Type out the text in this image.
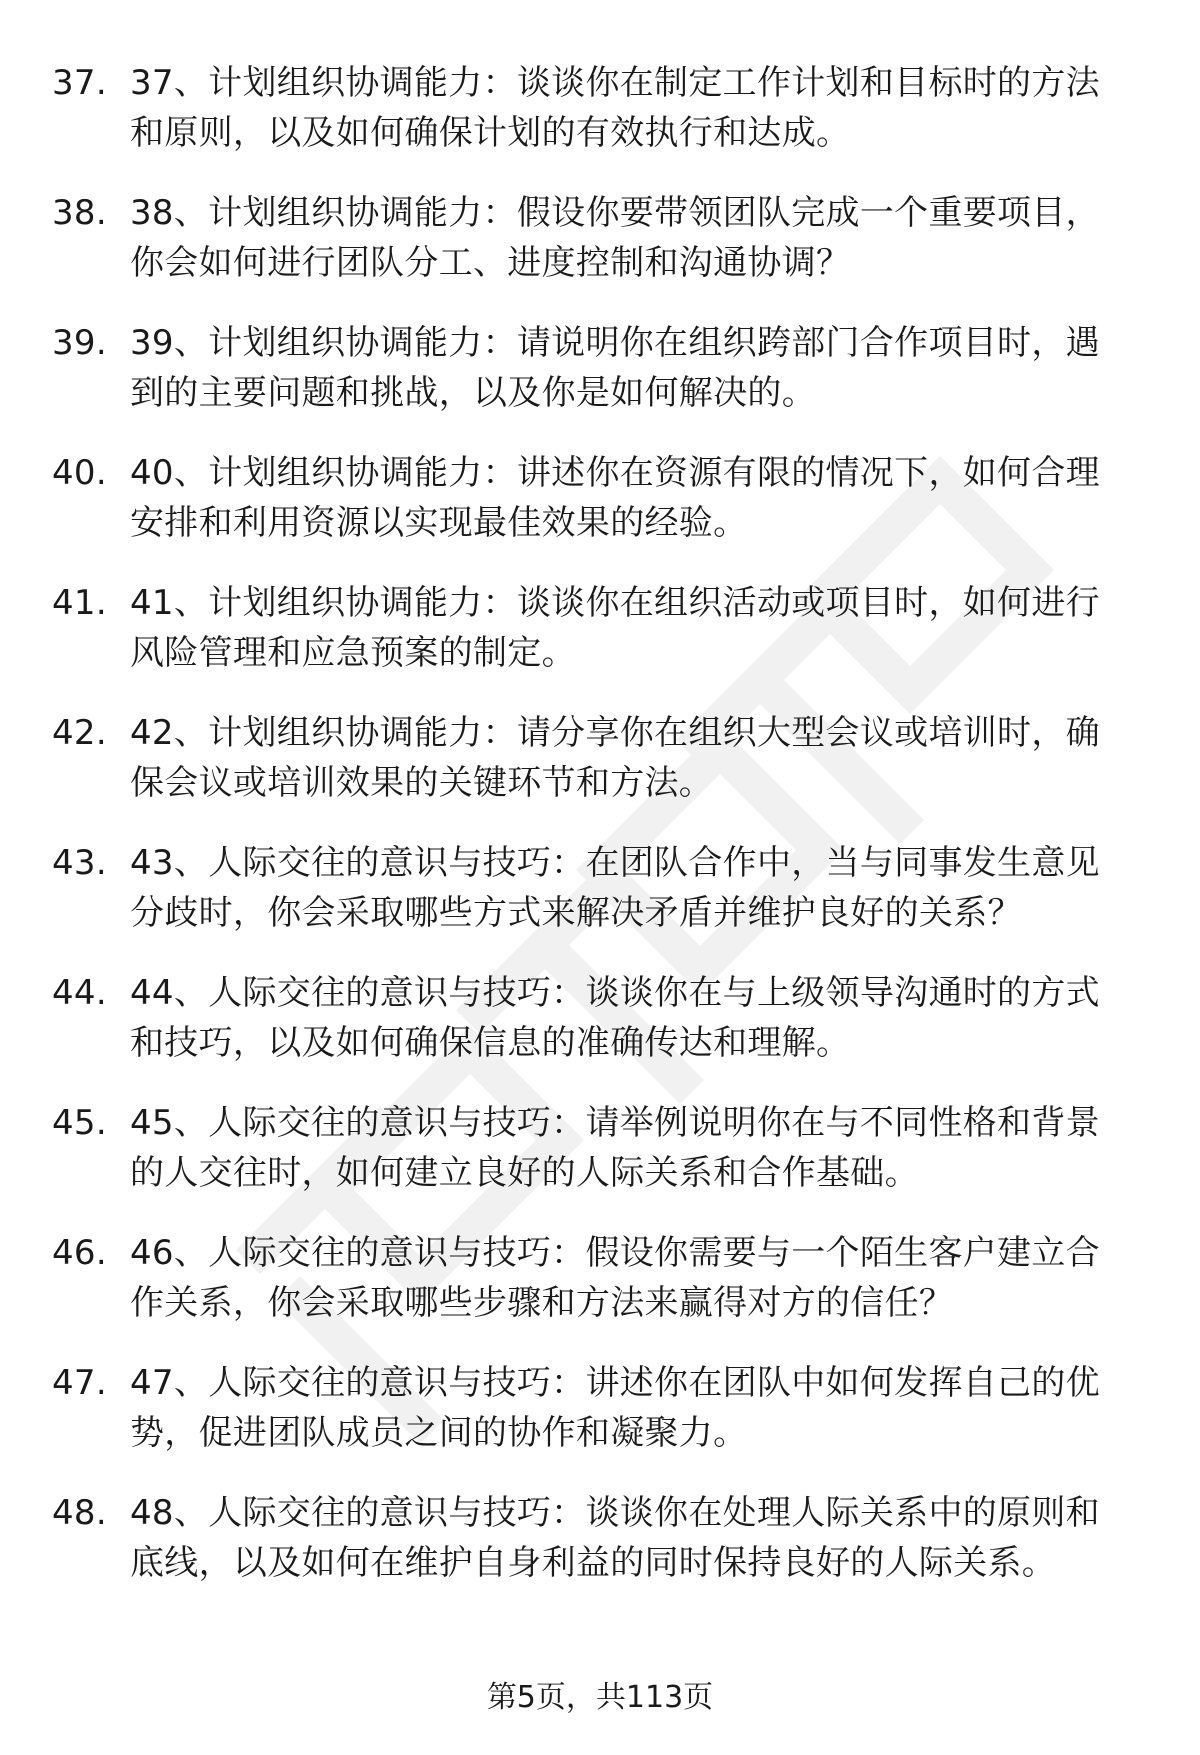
37. 37、计划组织协调能力：谈谈你在制定工作计划和目标时的方法和原则，以及如何确保计划的有效执行和达成。
38. 38、计划组织协调能力：假设你要带领团队完成一个重要项目，你会如何进行团队分工、进度控制和沟通协调？
39. 39、计划组织协调能力：请说明你在组织跨部门合作项目时，遇到的主要问题和挑战，以及你是如何解决的。
40. 40、计划组织协调能力：讲述你在资源有限的情况下，如何合理安排和利用资源以实现最佳效果的经验。
41. 41、计划组织协调能力：谈谈你在组织活动或项目时，如何进行风险管理和应急预案的制定。
42. 42、计划组织协调能力：请分享你在组织大型会议或培训时，确保会议或培训效果的关键环节和方法。
43. 43、人际交往的意识与技巧：在团队合作中，当与同事发生意见分歧时，你会采取哪些方式来解决矛盾并维护良好的关系？
44. 44、人际交往的意识与技巧：谈谈你在与上级领导沟通时的方式和技巧，以及如何确保信息的准确传达和理解。
45. 45、人际交往的意识与技巧：请举例说明你在与不同性格和背景的人交往时，如何建立良好的人际关系和合作基础。
46. 46、人际交往的意识与技巧：假设你需要与一个陌生客户建立合作关系，你会采取哪些步骤和方法来赢得对方的信任？
47. 47、人际交往的意识与技巧：讲述你在团队中如何发挥自己的优势，促进团队成员之间的协作和凝聚力。
48. 48、人际交往的意识与技巧：谈谈你在处理人际关系中的原则和底线，以及如何在维护自身利益的同时保持良好的人际关系。
第5页，共113页
